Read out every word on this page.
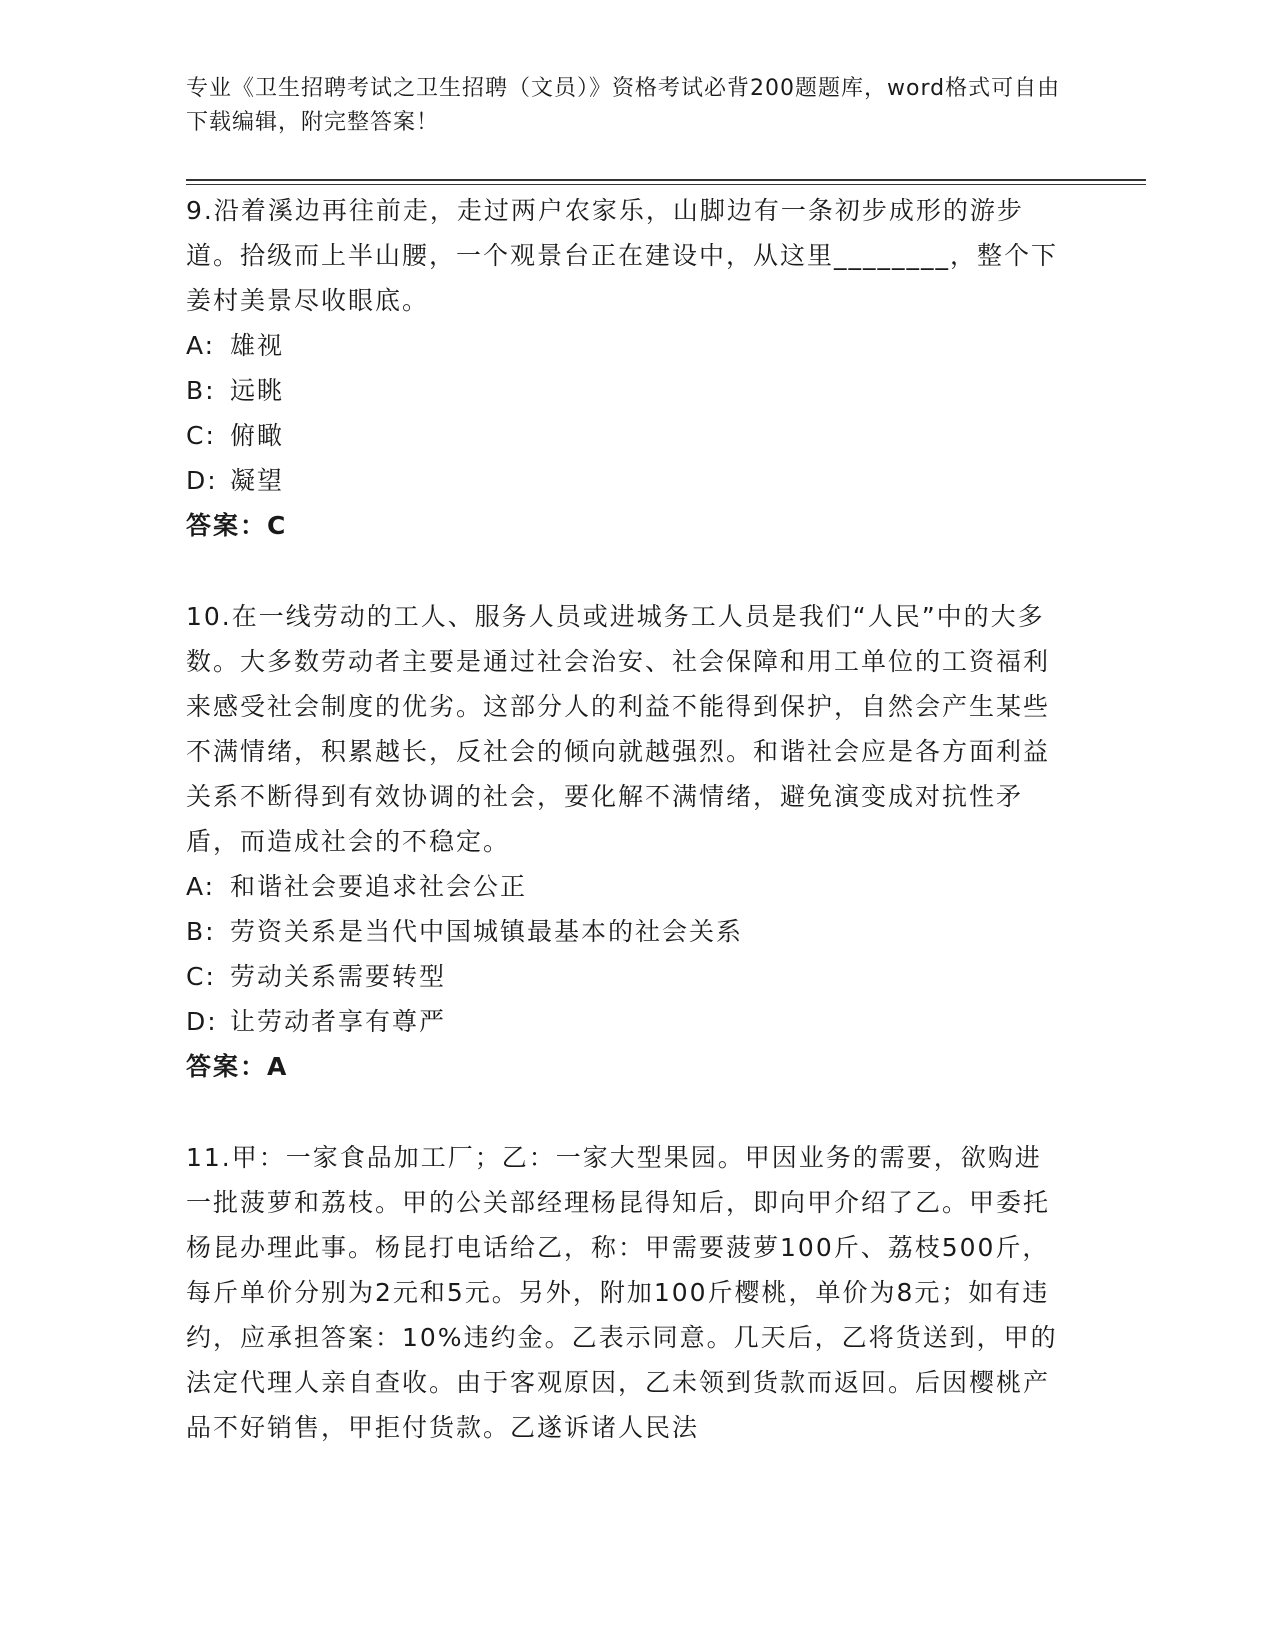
专业《卫生招聘考试之卫生招聘（文员）》资格考试必背200题题库，word格式可自由下载编辑，附完整答案！

9.沿着溪边再往前走，走过两户农家乐，山脚边有一条初步成形的游步道。拾级而上半山腰，一个观景台正在建设中，从这里________，整个下姜村美景尽收眼底。

A: 雄视

B: 远眺

C: 俯瞰

D: 凝望

答案：C

10.在一线劳动的工人、服务人员或进城务工人员是我们“人民”中的大多数。大多数劳动者主要是通过社会治安、社会保障和用工单位的工资福利来感受社会制度的优劣。这部分人的利益不能得到保护，自然会产生某些不满情绪，积累越长，反社会的倾向就越强烈。和谐社会应是各方面利益关系不断得到有效协调的社会，要化解不满情绪，避免演变成对抗性矛盾，而造成社会的不稳定。

A: 和谐社会要追求社会公正

B: 劳资关系是当代中国城镇最基本的社会关系

C: 劳动关系需要转型

D: 让劳动者享有尊严

答案：A

11.甲：一家食品加工厂；乙：一家大型果园。甲因业务的需要，欲购进一批菠萝和荔枝。甲的公关部经理杨昆得知后，即向甲介绍了乙。甲委托杨昆办理此事。杨昆打电话给乙，称：甲需要菠萝100斤、荔枝500斤，每斤单价分别为2元和5元。另外，附加100斤樱桃，单价为8元；如有违约，应承担答案：10%违约金。乙表示同意。几天后，乙将货送到，甲的法定代理人亲自查收。由于客观原因，乙未领到货款而返回。后因樱桃产品不好销售，甲拒付货款。乙遂诉诸人民法
